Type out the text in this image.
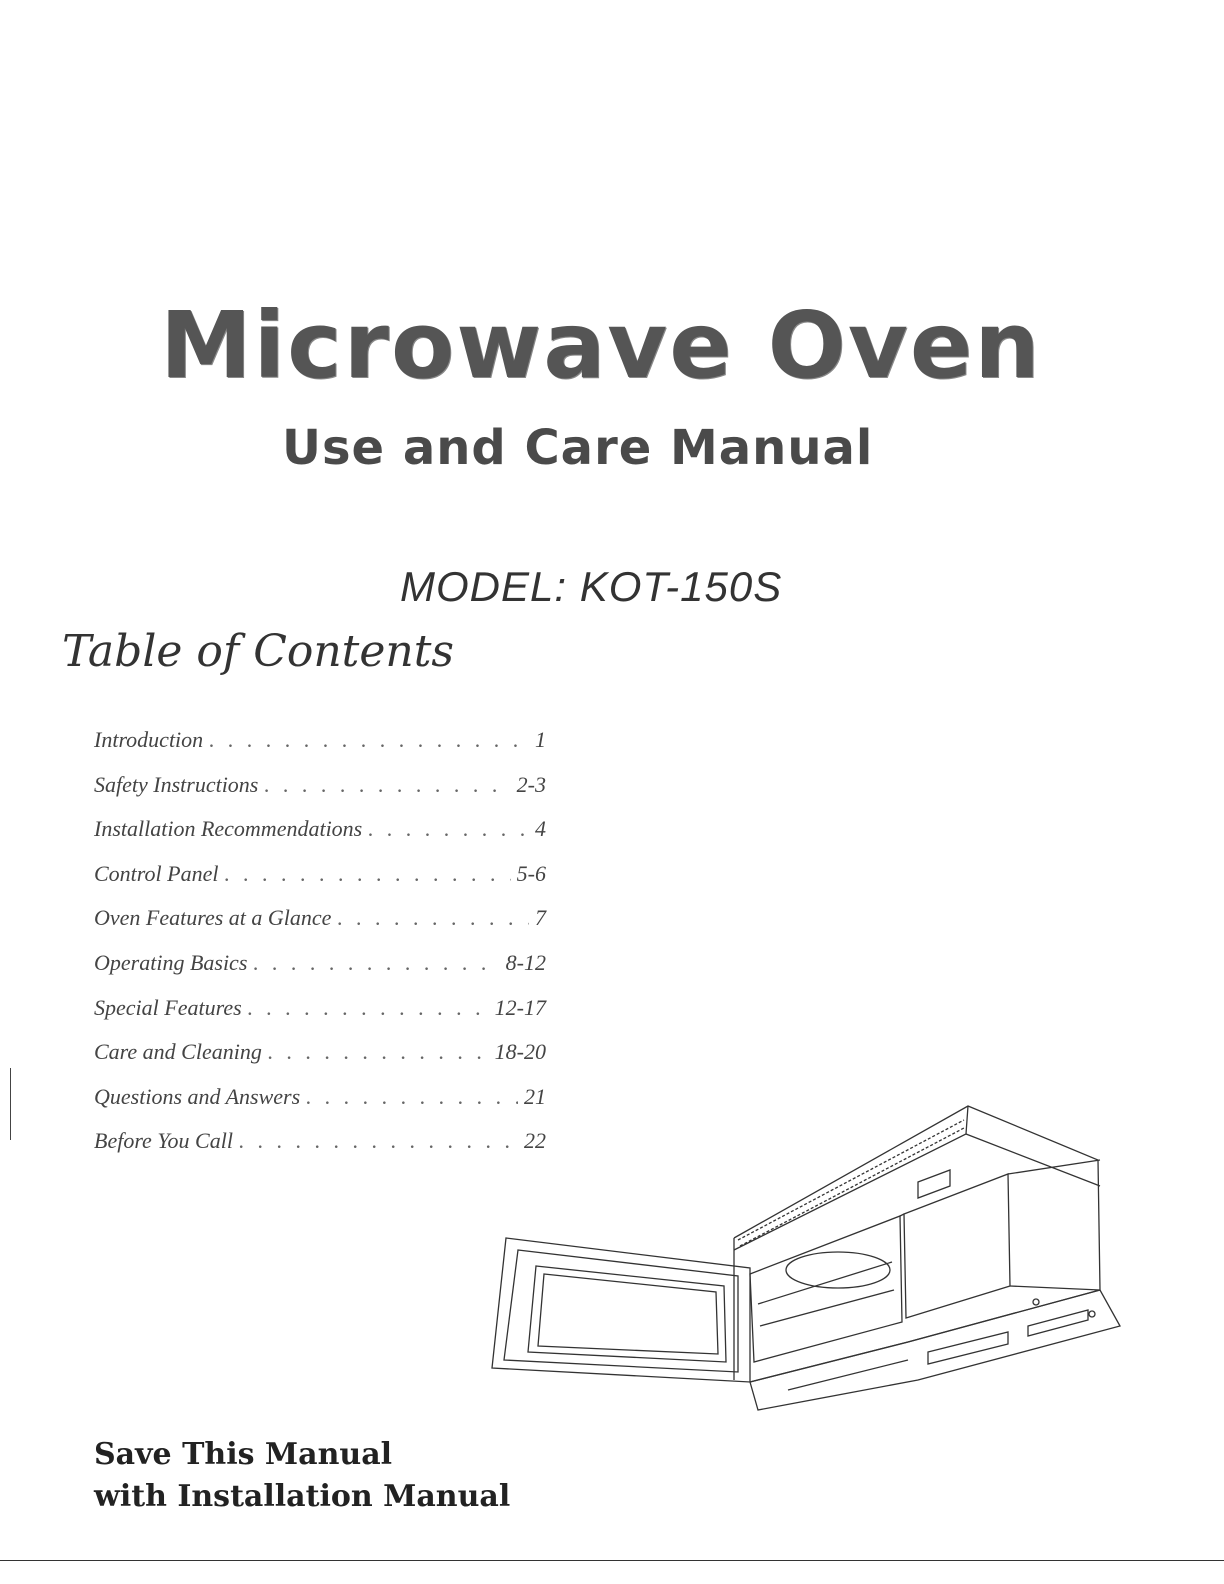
Microwave Oven
Use and Care Manual
MODEL: KOT-150S
Table of Contents
Introduction . . .	1
Safety Instructions . . .	2-3
Installation Recommendations . . .	4
Control Panel . . .	5-6
Oven Features at a Glance . . .	7
Operating Basics . . .	8-12
Special Features . . .	12-17
Care and Cleaning . . .	18-20
Questions and Answers . . .	21
Before You Call . . .	22
Save This Manual
with Installation Manual
